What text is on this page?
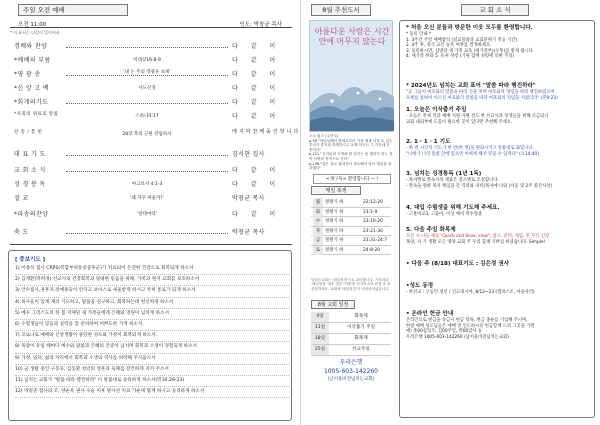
주일 오전 예배
오전 11:00	인도: 박창균 목사
* 이 표시는 다같이 일어서서
경배와 찬양	다 같 이
*예배의 부름	역대상16:8-9	다 같 이
*영 광 송	'내 논 주의 영광을 보세'	다 같 이
*신 앙 고 백	사도신경	다 같 이
*회개의기도	다 같 이
*사죄의 위로의 말씀	스바냐3:17	다 같 이
찬 송 / 봉 헌	28장 복의 근원 강림하사	매 지 막 찬 께 돌 린 학 니 다
대 표 기 도	김서현 집사
교 회 소 식	다 같 이
성 경 봉 독	야고보서 4:1-3	다 같 이
설 교	'왜 자꾸 싸울까?'	박창균 목사
*파송의찬양	'달테마라'	다 같 이
축 도	박창균 목사
[ 중보기도 ]
1) 이종석 집사 CRPS(복합부위통증증후군)가 치료되어 온전한 건강으로 회복되게 하소서
2) 김재환(박희정) 선교사의 건강회복과 당대한 믿음을 위해, 가족과 현지 교회를 보호하소서
3) 안수집사,권후자,장애종들이 안디고 보아스로 세울받게 하시고 특히 통로가 되게 하소서
4) 목사들이 있게 계리 기도하고, 말씀을 연구하고, 회복하는데 헌신하게 하소서
5) 예수 그리스도의 한 몸 지체된 새 가족들에게 은혜와 영원이 넘치게 하소서
6) 수험생들이 믿음과 실력을 잘 준비하여 어쁘도한 가게 하소서.
7) 코로나로 예배와 신앙생활이 중단한 성도와 가정이 회복되게 하소서.
8) 목장이 유일 때마다 예수와 말씀과 은혜의 간증이 넘치며 회복과 소생이 경험되게 하소서
9) 가정, 일터, 삶의 자리에서 회복과 소생의 역사를 허락해 주시옵소서
10) 군 생활 중인 구동욱, 김동환 청년의 영혼과 육체를 강건하게 지켜 주소서
11) 넘치는 교회가 "말씀 따라 행진하라" 이 말씀대로 승리하게 하소서(민10:29-23)
12) 박길준 집사의 모, 양순옥 권사 수술 이후 방사선 치료 가운데 함께 하시고 승리하게 하소서
8월 추천도서	교 회 소 식
아름다운 사람은 시간 안에 머무지 않는다
스오·홍스 (주현도)
p.58 "하나님께서 창세로부터 가장 영광 다울 수 있는 우리가 즐거워 하게하시고 교제 하시는 그 가운데 순종이다"
p.121 "우리들의 사역을 잘 섬기는 동 행자가 되는 것이 사역의 목적으로 산다"
p.196 "살은 살로 잘라준다 중요해서 살아 계십을 알 하였다"
<재구독> 환영합니다 ~ !
매일 복생
월	열왕기 하	22:12-20
화	열왕기 하	23:1-9
수	열왕기 하	23:10-20
목	열왕기 하	23:21-30
금	열왕기 하	23:31-24:7
토	열왕기 하	24:8-20
넘치는교회는 '매일성경'으로 큐티합니다. 가정마다 '매일성경' 'QT' 정음 '어떻게' 자기마스터 비결 다 표 신청하세요. 교회에 '매일성경'이 비치되어있습니다.
8월 교회 일정
4일	화목제
11일	이삭줍기 주일
18일	화목제
25일	선교주일
우리은행
1005-603-142260
(남서울비전넘치는교회)
* 처음 오신 분들과 방문한 이웃 모두를 환영합니다.
* 등록 안내 *
1. 3주간 주일 예배참석 (설교말씀과 교회분위기 적응 기간)
2. 4주 후, 정식 교인 등록 여부를 결정하세요.
3. 등록하시면, 심방과 새 가족 교육 (새가족부)(오후)를 받게 됩니다.
4. 새가족 부와 5. 유져 성령 (기원 함께 성령에 의한 주의)
* 2024년도 넘치는 교회 표어 "말씀 따라 행진하라"
"곧 그들이 여호와의 말씀을 따라 진을 치며 여호와의 명령을 따라 행진하였으며
모세를 통하여 이르신 여호와의 말씀을 따라 여호와의 직임을 지켰더라" (민9:23)
1. 오늘은 이삭줍기 주일
- 오늘은 무제 일과 예배 지원 자원 전도 한 선교사과 성경들을 위해 조금되니
교회 내외부에 도움이 필요한 곳이 있다면 추천해 주세요.
2. 1 · 1 · 1 기도
- 한 번 시간의 기도가 한 번(한 번)을 변화시키고 말씀대로 화합니다.
"너희가 너의 말씀 안에 있으면 어찌게 해서 믿을 수 있게다" (요14:40)
3. 넘치는 성경통독 (1년 1독)
- 목자별로 완독자의 제출은 장소별로 조정합니다.
- 완독을 원하 목자 책임을 간 격려와 파티(목자에 나와 (서울 및 2주 중간사상)
4. 대입 수험생을 위해 기도해 주세요.
- 고훈비교3, 고윤아, 이상 예비 박수영중
5. 다음 주일 화목제
모신 시 나눌 새를 "Quick and Slow, slow", 참고, 준비, 게임, 전 꾸신 긴장
목양, 사 가 생활 모든 영양 교회 주 우리 함께 기쁘심 하셨습니다. Simple!
• 다음 주 (8/18) 대표기도 : 김은정 권사
•성도 동정
- 한선교 : 구동민 청년 / 인도네시아, 8/12~23 (캠퍼스조, 마을사역)
• 온라인 헌금 안내
온라인으로 헌금을 송금시 헌금 항목, 헌금 종류를 기입해 주시며,
한참 예배 성도님들은 예배 전 인도하시길 헌금할께 드려 그곳을 가면
예) 홍00십일조, 김00주일, 박00감사 등
우리은행 1005-603-142260 (남서울비전넘치는교회)
